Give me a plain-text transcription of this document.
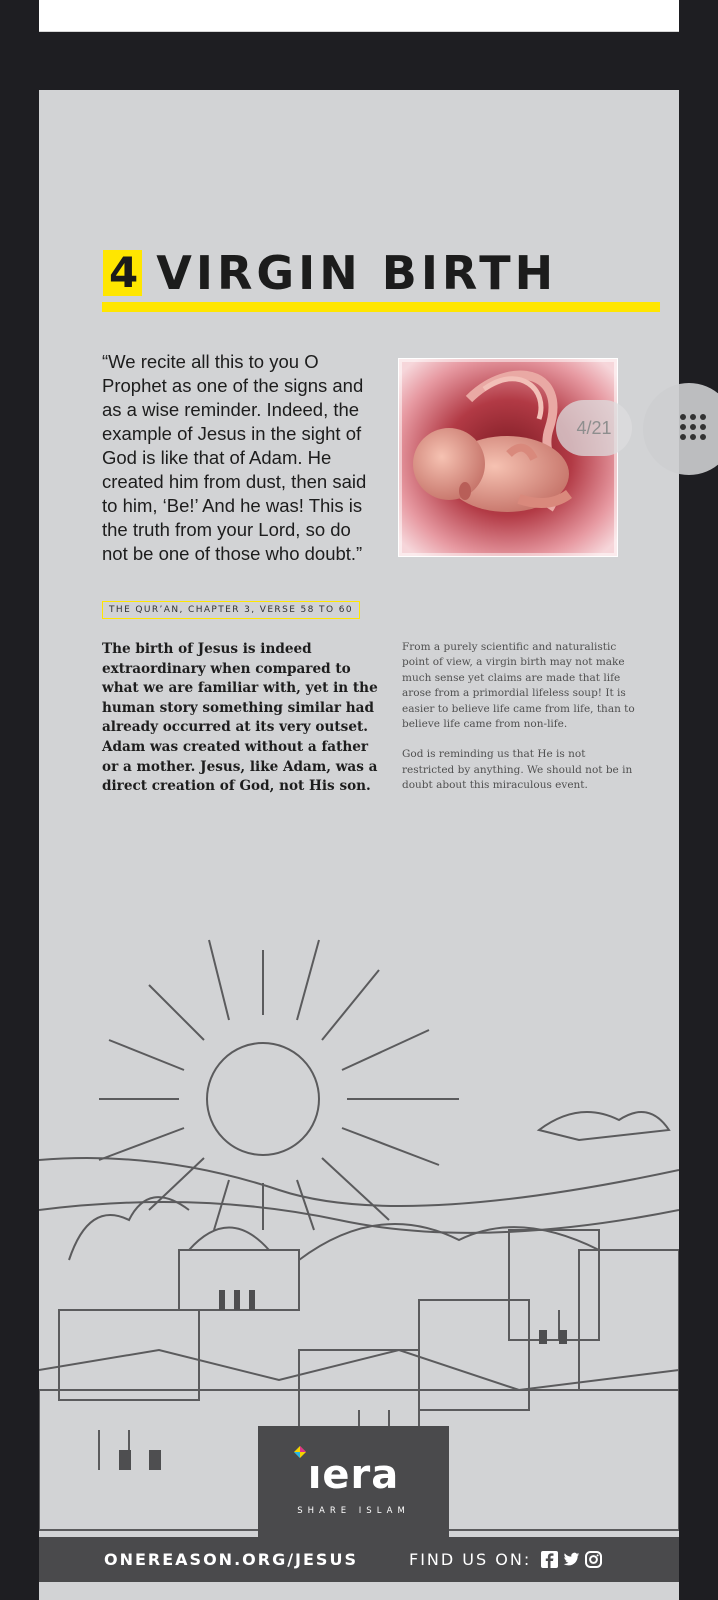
4 VIRGIN BIRTH
“We recite all this to you O Prophet as one of the signs and as a wise reminder. Indeed, the example of Jesus in the sight of God is like that of Adam. He created him from dust, then said to him, ‘Be!’ And he was! This is the truth from your Lord, so do not be one of those who doubt.”
THE QUR’AN, CHAPTER 3, VERSE 58 TO 60
The birth of Jesus is indeed extraordinary when compared to what we are familiar with, yet in the human story something similar had already occurred at its very outset. Adam was created without a father or a mother. Jesus, like Adam, was a direct creation of God, not His son.

From a purely scientific and naturalistic point of view, a virgin birth may not make much sense yet claims are made that life arose from a primordial lifeless soup! It is easier to believe life came from life, than to believe life came from non-life.

God is reminding us that He is not restricted by anything. We should not be in doubt about this miraculous event.

ıera
SHARE ISLAM
ONEREASON.ORG/JESUS	FIND US ON:
4/21
